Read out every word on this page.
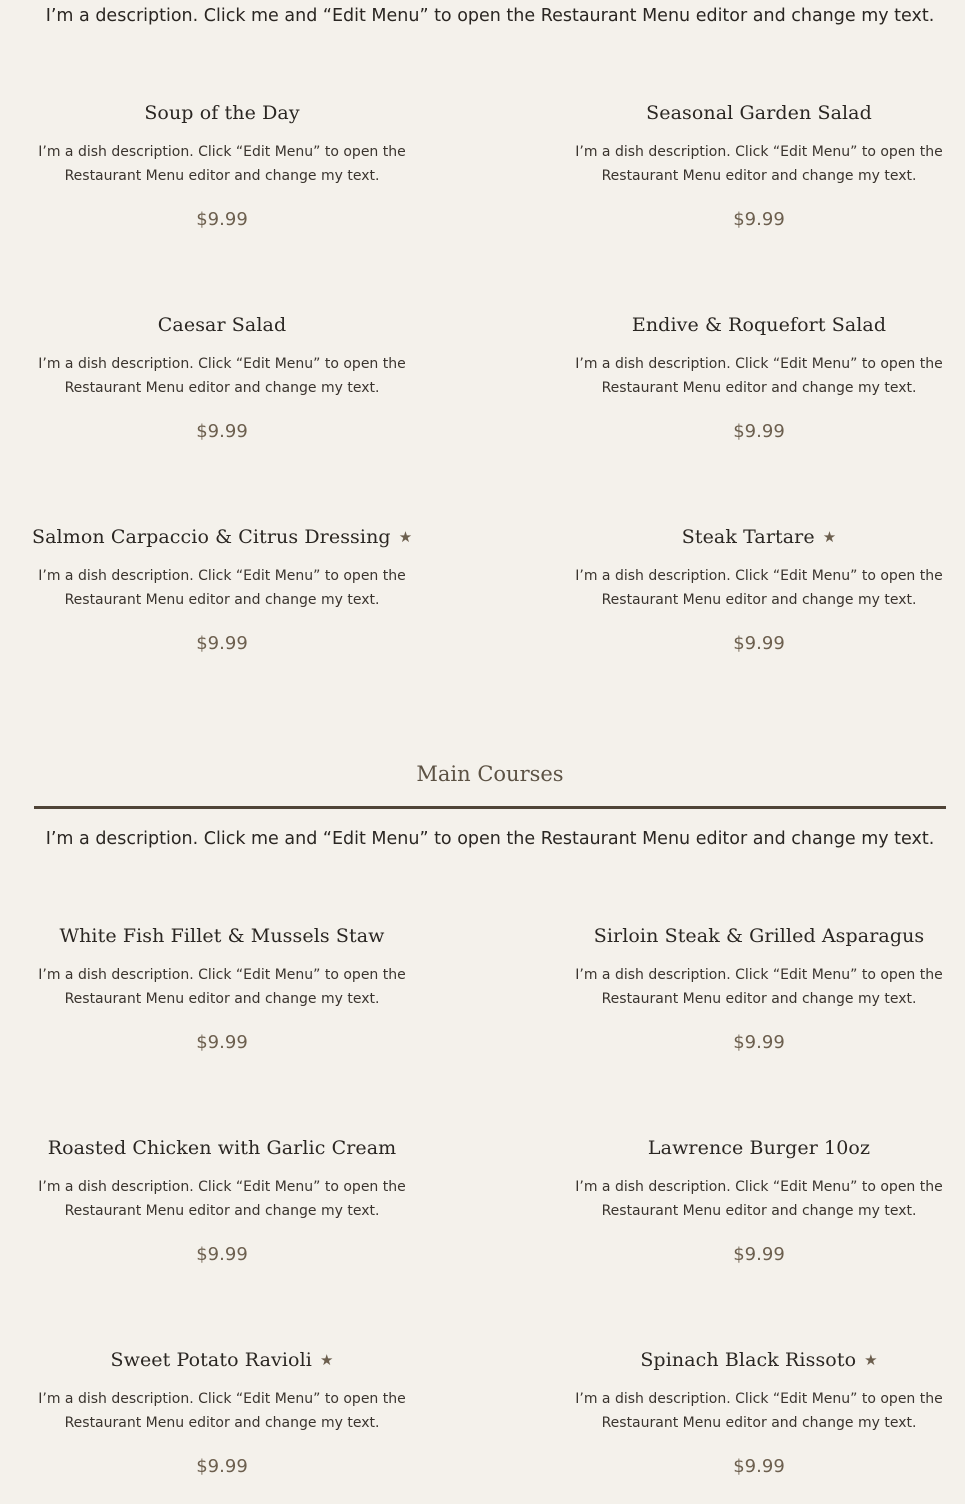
I’m a description. Click me and “Edit Menu” to open the Restaurant Menu editor and change my text.
Soup of the Day
I’m a dish description. Click “Edit Menu” to open the Restaurant Menu editor and change my text.
$9.99
Seasonal Garden Salad
I’m a dish description. Click “Edit Menu” to open the Restaurant Menu editor and change my text.
$9.99
Caesar Salad
I’m a dish description. Click “Edit Menu” to open the Restaurant Menu editor and change my text.
$9.99
Endive & Roquefort Salad
I’m a dish description. Click “Edit Menu” to open the Restaurant Menu editor and change my text.
$9.99
Salmon Carpaccio & Citrus Dressing ★
I’m a dish description. Click “Edit Menu” to open the Restaurant Menu editor and change my text.
$9.99
Steak Tartare ★
I’m a dish description. Click “Edit Menu” to open the Restaurant Menu editor and change my text.
$9.99
Main Courses
I’m a description. Click me and “Edit Menu” to open the Restaurant Menu editor and change my text.
White Fish Fillet & Mussels Staw
I’m a dish description. Click “Edit Menu” to open the Restaurant Menu editor and change my text.
$9.99
Sirloin Steak & Grilled Asparagus
I’m a dish description. Click “Edit Menu” to open the Restaurant Menu editor and change my text.
$9.99
Roasted Chicken with Garlic Cream
I’m a dish description. Click “Edit Menu” to open the Restaurant Menu editor and change my text.
$9.99
Lawrence Burger 10oz
I’m a dish description. Click “Edit Menu” to open the Restaurant Menu editor and change my text.
$9.99
Sweet Potato Ravioli ★
I’m a dish description. Click “Edit Menu” to open the Restaurant Menu editor and change my text.
$9.99
Spinach Black Rissoto ★
I’m a dish description. Click “Edit Menu” to open the Restaurant Menu editor and change my text.
$9.99
